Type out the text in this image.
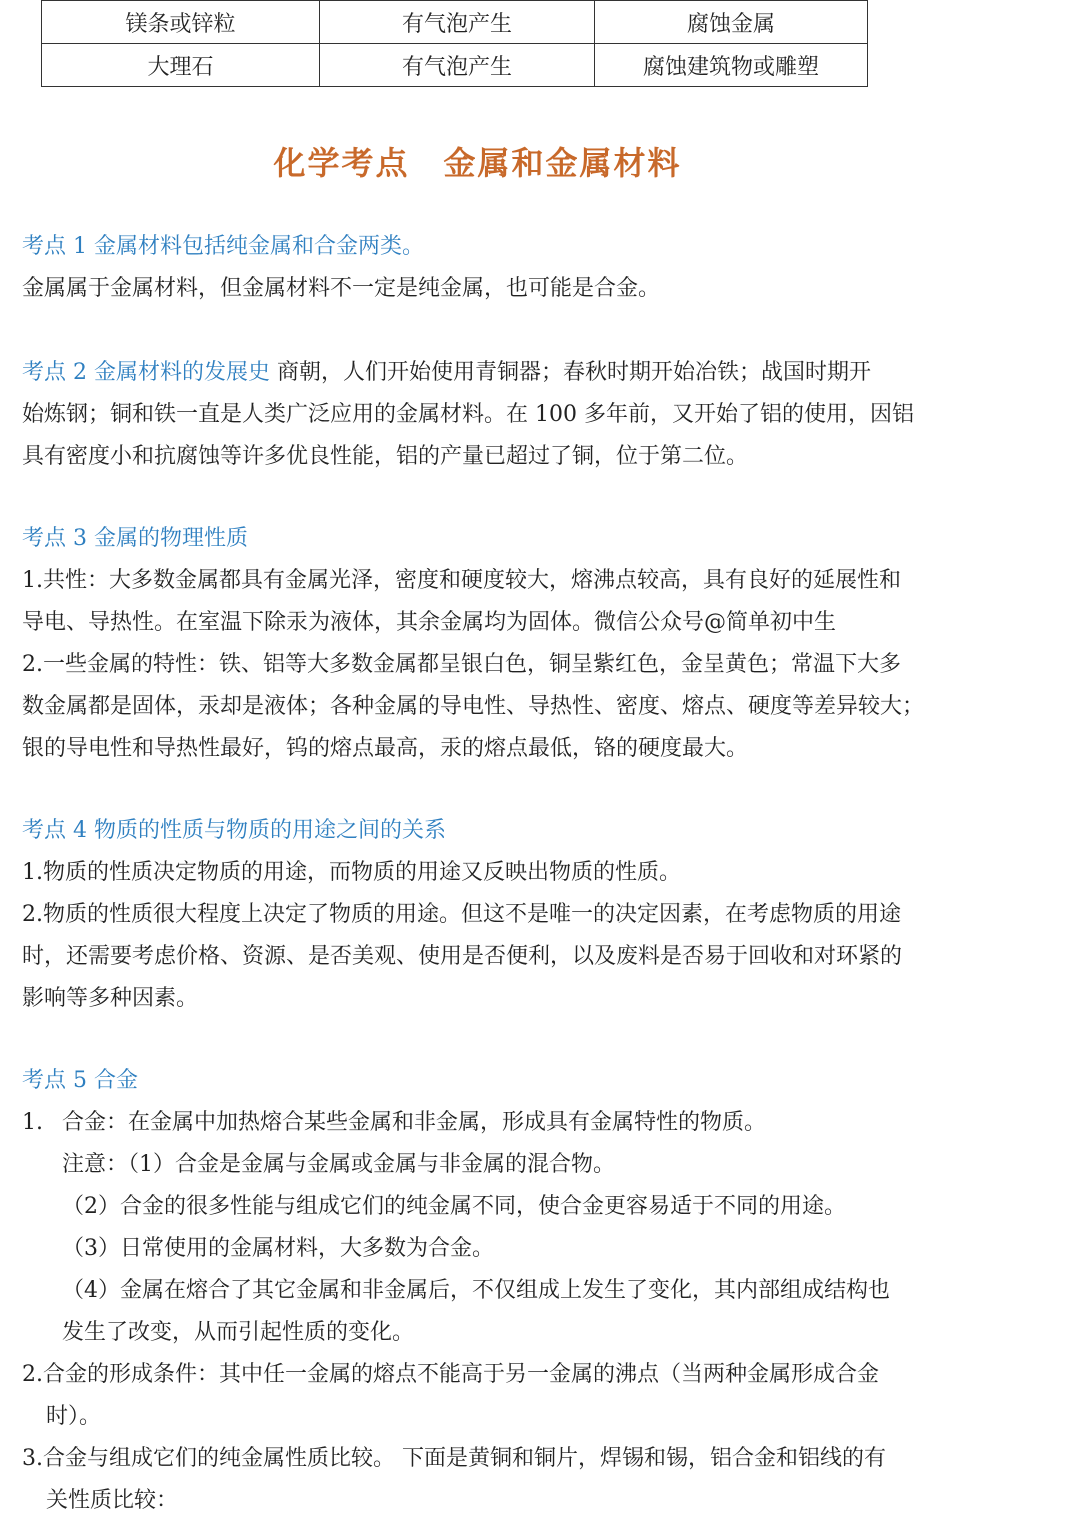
镁条或锌粒	有气泡产生	腐蚀金属
大理石	有气泡产生	腐蚀建筑物或雕塑
化学考点　金属和金属材料
考点 1 金属材料包括纯金属和合金两类。
金属属于金属材料，但金属材料不一定是纯金属，也可能是合金。
考点 2 金属材料的发展史 商朝，人们开始使用青铜器；春秋时期开始冶铁；战国时期开
始炼钢；铜和铁一直是人类广泛应用的金属材料。在 100 多年前，又开始了铝的使用，因铝
具有密度小和抗腐蚀等许多优良性能，铝的产量已超过了铜，位于第二位。
考点 3 金属的物理性质
1.共性：大多数金属都具有金属光泽，密度和硬度较大，熔沸点较高，具有良好的延展性和
导电、导热性。在室温下除汞为液体，其余金属均为固体。微信公众号@简单初中生
2.一些金属的特性：铁、铝等大多数金属都呈银白色，铜呈紫红色，金呈黄色；常温下大多
数金属都是固体，汞却是液体；各种金属的导电性、导热性、密度、熔点、硬度等差异较大；
银的导电性和导热性最好，钨的熔点最高，汞的熔点最低，铬的硬度最大。
考点 4 物质的性质与物质的用途之间的关系
1.物质的性质决定物质的用途，而物质的用途又反映出物质的性质。
2.物质的性质很大程度上决定了物质的用途。但这不是唯一的决定因素，在考虑物质的用途
时，还需要考虑价格、资源、是否美观、使用是否便利，以及废料是否易于回收和对环紧的
影响等多种因素。
考点 5 合金
1. 合金：在金属中加热熔合某些金属和非金属，形成具有金属特性的物质。
注意：（1）合金是金属与金属或金属与非金属的混合物。
（2）合金的很多性能与组成它们的纯金属不同，使合金更容易适于不同的用途。
（3）日常使用的金属材料，大多数为合金。
（4）金属在熔合了其它金属和非金属后，不仅组成上发生了变化，其内部组成结构也
发生了改变，从而引起性质的变化。
2.合金的形成条件：其中任一金属的熔点不能高于另一金属的沸点（当两种金属形成合金
时）。
3.合金与组成它们的纯金属性质比较。 下面是黄铜和铜片，焊锡和锡，铝合金和铝线的有
关性质比较：
